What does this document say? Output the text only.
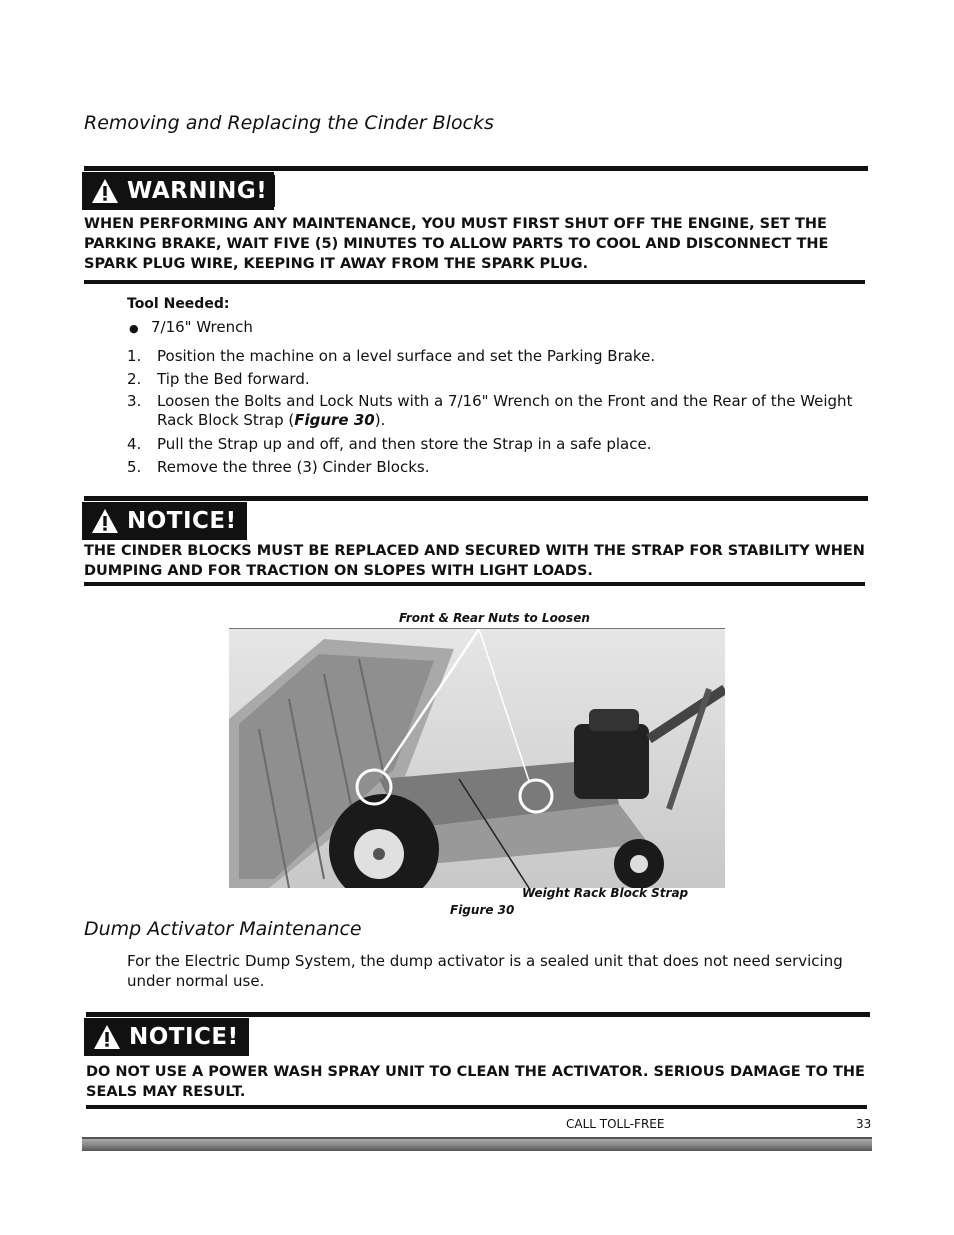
Removing and Replacing the Cinder Blocks
WARNING!
WHEN PERFORMING ANY MAINTENANCE, YOU MUST FIRST SHUT OFF THE ENGINE, SET THE PARKING BRAKE, WAIT FIVE (5) MINUTES TO ALLOW PARTS TO COOL AND DISCONNECT THE SPARK PLUG WIRE, KEEPING IT AWAY FROM THE SPARK PLUG.
Tool Needed:
● 7/16" Wrench
1. Position the machine on a level surface and set the Parking Brake.
2. Tip the Bed forward.
3. Loosen the Bolts and Lock Nuts with a 7/16" Wrench on the Front and the Rear of the Weight Rack Block Strap (Figure 30).
4. Pull the Strap up and off, and then store the Strap in a safe place.
5. Remove the three (3) Cinder Blocks.
NOTICE!
THE CINDER BLOCKS MUST BE REPLACED AND SECURED WITH THE STRAP FOR STABILITY WHEN DUMPING AND FOR TRACTION ON SLOPES WITH LIGHT LOADS.
Front & Rear Nuts to Loosen
Weight Rack Block Strap
Figure 30
Dump Activator Maintenance
For the Electric Dump System, the dump activator is a sealed unit that does not need servicing under normal use.
NOTICE!
DO NOT USE A POWER WASH SPRAY UNIT TO CLEAN THE ACTIVATOR. SERIOUS DAMAGE TO THE SEALS MAY RESULT.
CALL TOLL-FREE	33
